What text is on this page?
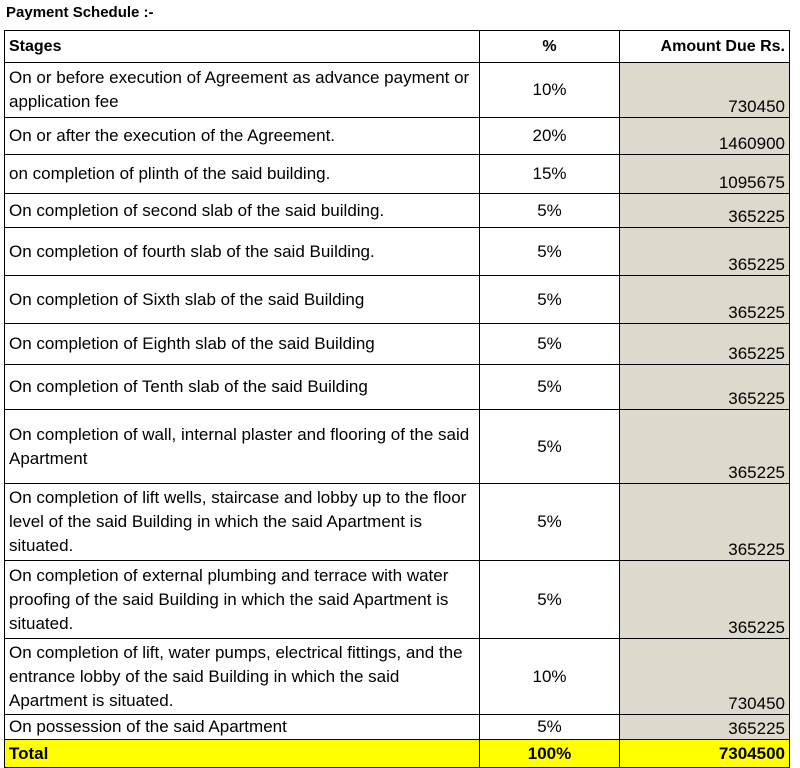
Payment Schedule :-
Stages	%	Amount Due Rs.
On or before execution of Agreement as advance payment or application fee	10%	730450
On or after the execution of the Agreement.	20%	1460900
on completion of plinth of the said building.	15%	1095675
On completion of second slab of the said building.	5%	365225
On completion of fourth slab of the said Building.	5%	365225
On completion of Sixth slab of the said Building	5%	365225
On completion of Eighth slab of the said Building	5%	365225
On completion of Tenth slab of the said Building	5%	365225
On completion of wall, internal plaster and flooring of the said Apartment	5%	365225
On completion of lift wells, staircase and lobby up to the floor level of the said Building in which the said Apartment is situated.	5%	365225
On completion of external plumbing and terrace with water proofing of the said Building in which the said Apartment is situated.	5%	365225
On completion of lift, water pumps, electrical fittings, and the entrance lobby of the said Building in which the said Apartment is situated.	10%	730450
On possession of the said Apartment	5%	365225
Total	100%	7304500
